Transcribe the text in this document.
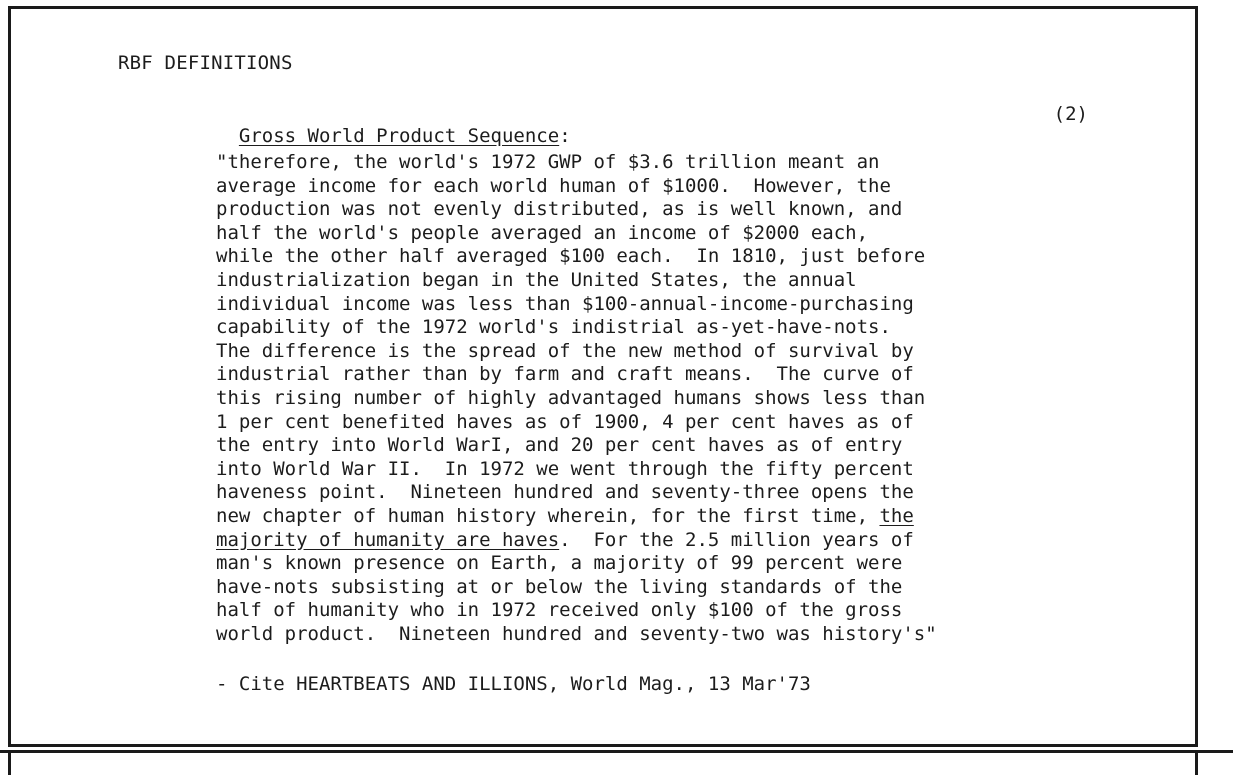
RBF DEFINITIONS

Gross World Product Sequence:

(2)

"therefore, the world's 1972 GWP of $3.6 trillion meant an
average income for each world human of $1000.  However, the
production was not evenly distributed, as is well known, and
half the world's people averaged an income of $2000 each,
while the other half averaged $100 each.  In 1810, just before
industrialization began in the United States, the annual
individual income was less than $100-annual-income-purchasing
capability of the 1972 world's indistrial as-yet-have-nots.
The difference is the spread of the new method of survival by
industrial rather than by farm and craft means.  The curve of
this rising number of highly advantaged humans shows less than
1 per cent benefited haves as of 1900, 4 per cent haves as of
the entry into World WarI, and 20 per cent haves as of entry
into World War II.  In 1972 we went through the fifty percent
haveness point.  Nineteen hundred and seventy-three opens the
new chapter of human history wherein, for the first time, the
majority of humanity are haves.  For the 2.5 million years of
man's known presence on Earth, a majority of 99 percent were
have-nots subsisting at or below the living standards of the
half of humanity who in 1972 received only $100 of the gross
world product.  Nineteen hundred and seventy-two was history's"
- Cite HEARTBEATS AND ILLIONS, World Mag., 13 Mar'73
